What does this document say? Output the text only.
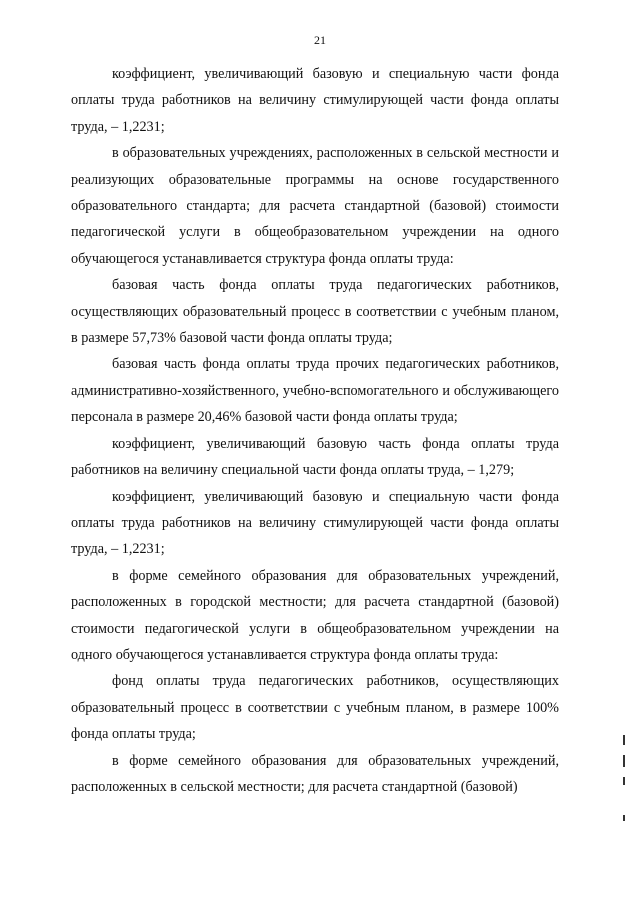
21

коэффициент, увеличивающий базовую и специальную части фонда оплаты труда работников на величину стимулирующей части фонда оплаты труда, – 1,2231;

в образовательных учреждениях, расположенных в сельской местности и реализующих образовательные программы на основе государственного образовательного стандарта; для расчета стандартной (базовой) стоимости педагогической услуги в общеобразовательном учреждении на одного обучающегося устанавливается структура фонда оплаты труда:

базовая часть фонда оплаты труда педагогических работников, осуществляющих образовательный процесс в соответствии с учебным планом, в размере 57,73% базовой части фонда оплаты труда;

базовая часть фонда оплаты труда прочих педагогических работников, административно-хозяйственного, учебно-вспомогательного и обслуживающего персонала в размере 20,46% базовой части фонда оплаты труда;

коэффициент, увеличивающий базовую часть фонда оплаты труда работников на величину специальной части фонда оплаты труда, – 1,279;

коэффициент, увеличивающий базовую и специальную части фонда оплаты труда работников на величину стимулирующей части фонда оплаты труда, – 1,2231;

в форме семейного образования для образовательных учреждений, расположенных в городской местности; для расчета стандартной (базовой) стоимости педагогической услуги в общеобразовательном учреждении на одного обучающегося устанавливается структура фонда оплаты труда:

фонд оплаты труда педагогических работников, осуществляющих образовательный процесс в соответствии с учебным планом, в размере 100% фонда оплаты труда;

в форме семейного образования для образовательных учреждений, расположенных в сельской местности; для расчета стандартной (базовой)
